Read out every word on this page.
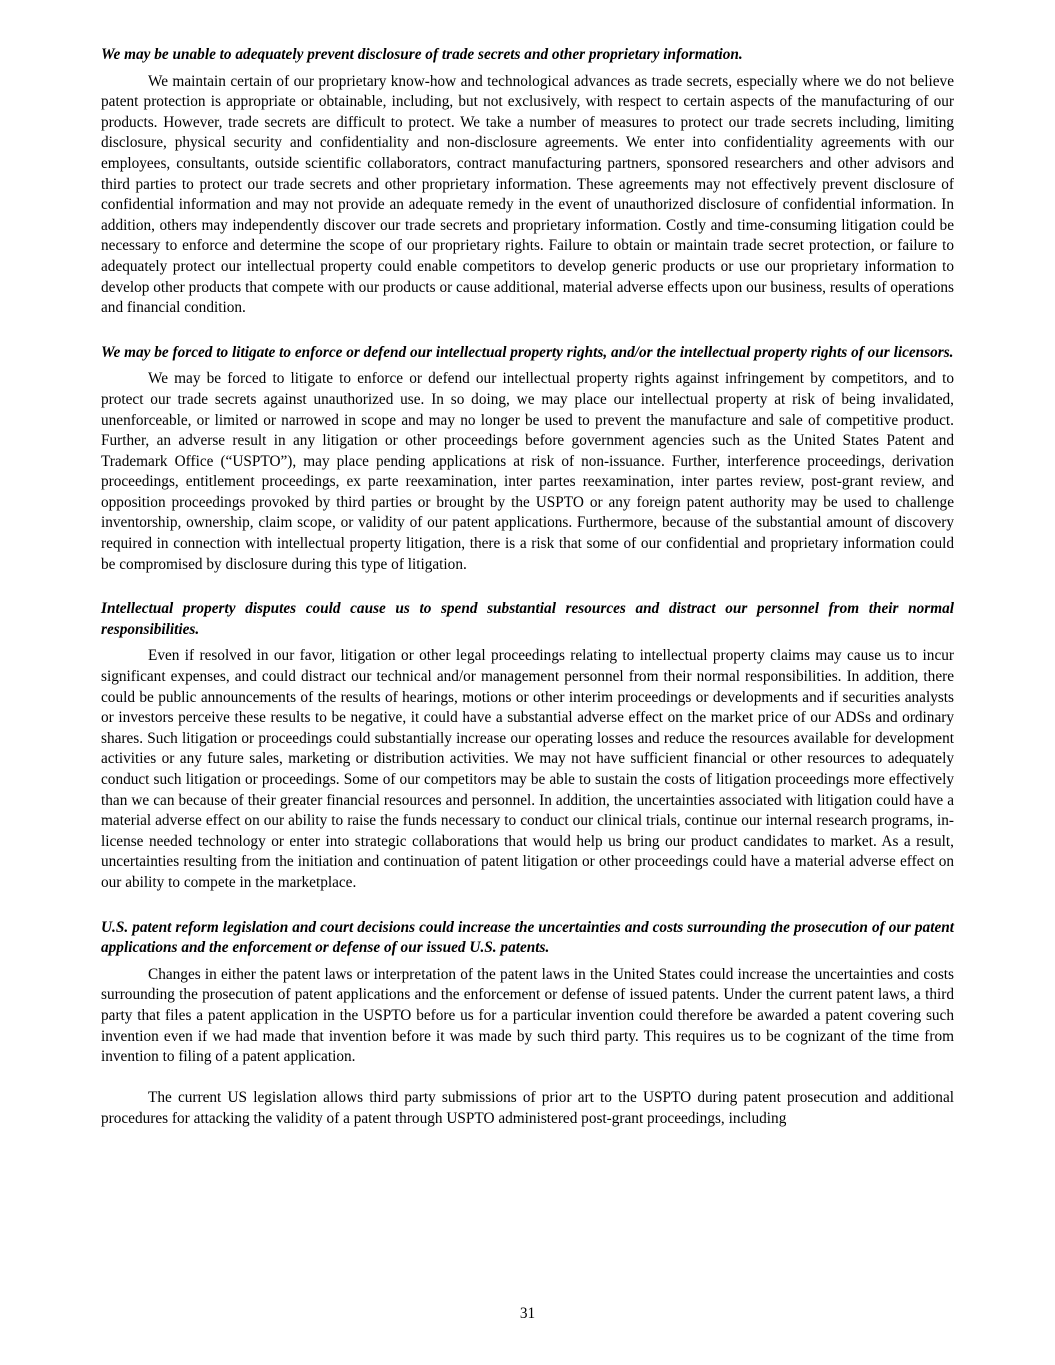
We may be unable to adequately prevent disclosure of trade secrets and other proprietary information.

We maintain certain of our proprietary know-how and technological advances as trade secrets, especially where we do not believe patent protection is appropriate or obtainable, including, but not exclusively, with respect to certain aspects of the manufacturing of our products. However, trade secrets are difficult to protect. We take a number of measures to protect our trade secrets including, limiting disclosure, physical security and confidentiality and non-disclosure agreements. We enter into confidentiality agreements with our employees, consultants, outside scientific collaborators, contract manufacturing partners, sponsored researchers and other advisors and third parties to protect our trade secrets and other proprietary information. These agreements may not effectively prevent disclosure of confidential information and may not provide an adequate remedy in the event of unauthorized disclosure of confidential information. In addition, others may independently discover our trade secrets and proprietary information. Costly and time-consuming litigation could be necessary to enforce and determine the scope of our proprietary rights. Failure to obtain or maintain trade secret protection, or failure to adequately protect our intellectual property could enable competitors to develop generic products or use our proprietary information to develop other products that compete with our products or cause additional, material adverse effects upon our business, results of operations and financial condition.

We may be forced to litigate to enforce or defend our intellectual property rights, and/or the intellectual property rights of our licensors.

We may be forced to litigate to enforce or defend our intellectual property rights against infringement by competitors, and to protect our trade secrets against unauthorized use. In so doing, we may place our intellectual property at risk of being invalidated, unenforceable, or limited or narrowed in scope and may no longer be used to prevent the manufacture and sale of competitive product. Further, an adverse result in any litigation or other proceedings before government agencies such as the United States Patent and Trademark Office (“USPTO”), may place pending applications at risk of non-issuance. Further, interference proceedings, derivation proceedings, entitlement proceedings, ex parte reexamination, inter partes reexamination, inter partes review, post-grant review, and opposition proceedings provoked by third parties or brought by the USPTO or any foreign patent authority may be used to challenge inventorship, ownership, claim scope, or validity of our patent applications. Furthermore, because of the substantial amount of discovery required in connection with intellectual property litigation, there is a risk that some of our confidential and proprietary information could be compromised by disclosure during this type of litigation.

Intellectual property disputes could cause us to spend substantial resources and distract our personnel from their normal responsibilities.

Even if resolved in our favor, litigation or other legal proceedings relating to intellectual property claims may cause us to incur significant expenses, and could distract our technical and/or management personnel from their normal responsibilities. In addition, there could be public announcements of the results of hearings, motions or other interim proceedings or developments and if securities analysts or investors perceive these results to be negative, it could have a substantial adverse effect on the market price of our ADSs and ordinary shares. Such litigation or proceedings could substantially increase our operating losses and reduce the resources available for development activities or any future sales, marketing or distribution activities. We may not have sufficient financial or other resources to adequately conduct such litigation or proceedings. Some of our competitors may be able to sustain the costs of litigation proceedings more effectively than we can because of their greater financial resources and personnel. In addition, the uncertainties associated with litigation could have a material adverse effect on our ability to raise the funds necessary to conduct our clinical trials, continue our internal research programs, in-license needed technology or enter into strategic collaborations that would help us bring our product candidates to market. As a result, uncertainties resulting from the initiation and continuation of patent litigation or other proceedings could have a material adverse effect on our ability to compete in the marketplace.

U.S. patent reform legislation and court decisions could increase the uncertainties and costs surrounding the prosecution of our patent applications and the enforcement or defense of our issued U.S. patents.

Changes in either the patent laws or interpretation of the patent laws in the United States could increase the uncertainties and costs surrounding the prosecution of patent applications and the enforcement or defense of issued patents. Under the current patent laws, a third party that files a patent application in the USPTO before us for a particular invention could therefore be awarded a patent covering such invention even if we had made that invention before it was made by such third party. This requires us to be cognizant of the time from invention to filing of a patent application.

The current US legislation allows third party submissions of prior art to the USPTO during patent prosecution and additional procedures for attacking the validity of a patent through USPTO administered post-grant proceedings, including

31
